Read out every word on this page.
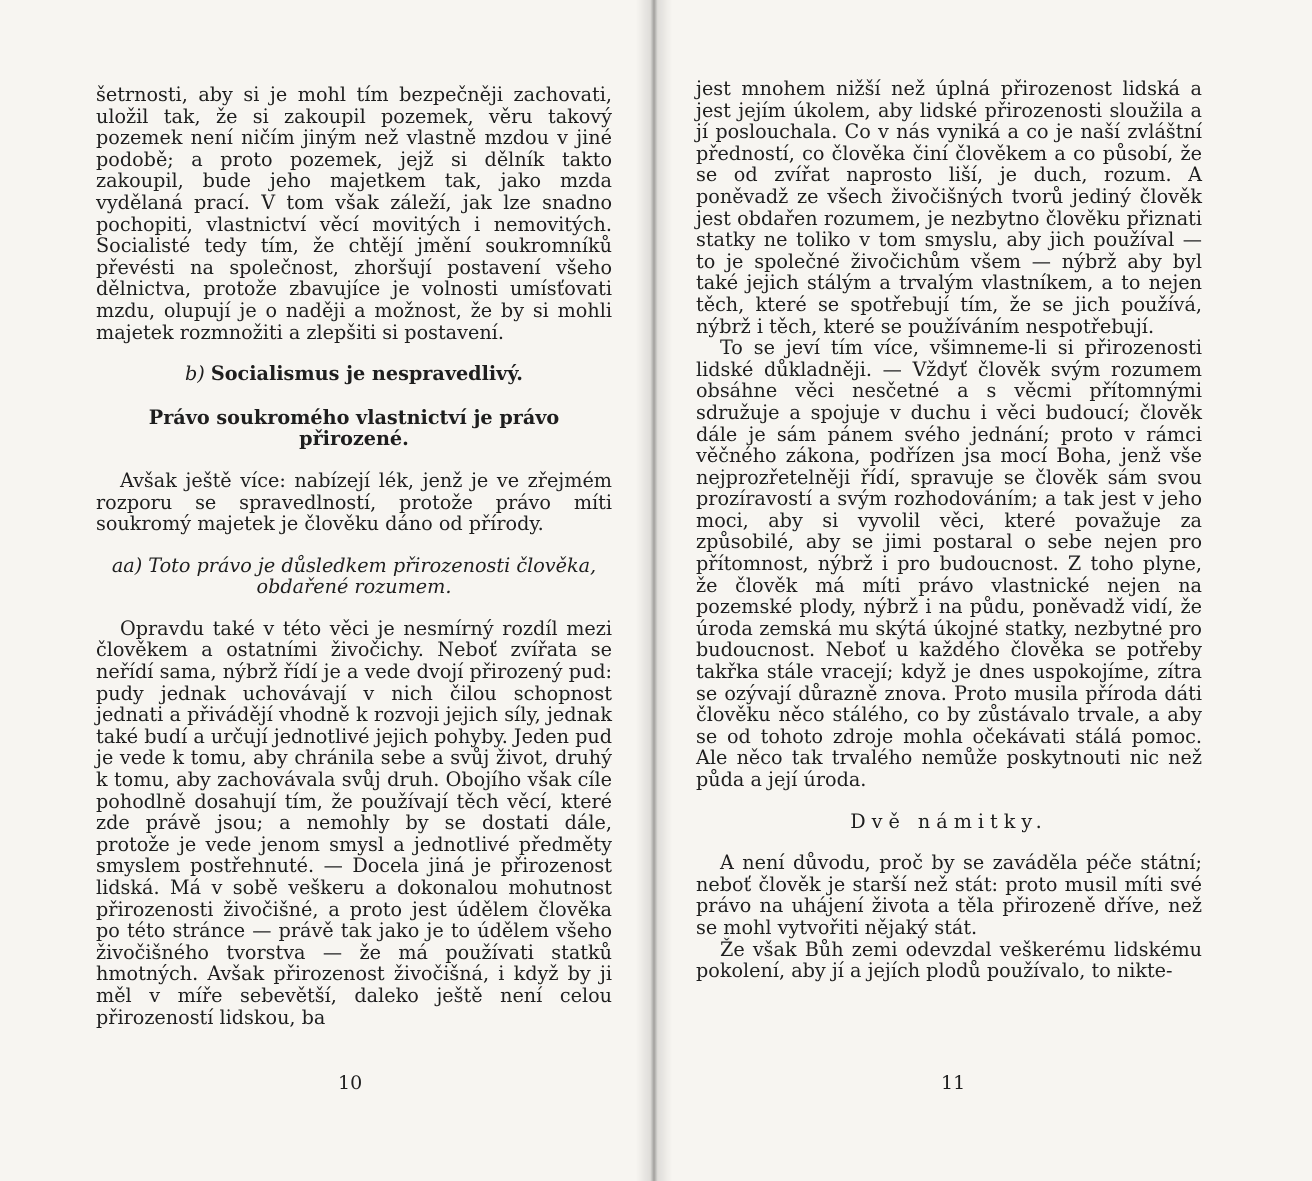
šetrnosti, aby si je mohl tím bezpečněji zachovati, uložil tak, že si zakoupil pozemek, věru takový pozemek není ničím jiným než vlastně mzdou v jiné podobě; a proto pozemek, jejž si dělník takto zakoupil, bude jeho majetkem tak, jako mzda vydělaná prací. V tom však záleží, jak lze snadno pochopiti, vlastnictví věcí movitých i nemovitých. Socialisté tedy tím, že chtějí jmění soukromníků převésti na společnost, zhoršují postavení všeho dělnictva, protože zbavujíce je volnosti umísťovati mzdu, olupují je o naději a možnost, že by si mohli majetek rozmnožiti a zlepšiti si postavení.

b) Socialismus je nespravedlivý.

Právo soukromého vlastnictví je právo přirozené.

Avšak ještě více: nabízejí lék, jenž je ve zřejmém rozporu se spravedlností, protože právo míti soukromý majetek je člověku dáno od přírody.

aa) Toto právo je důsledkem přirozenosti člověka,

obdařené rozumem.

Opravdu také v této věci je nesmírný rozdíl mezi člověkem a ostatními živočichy. Neboť zvířata se neřídí sama, nýbrž řídí je a vede dvojí přirozený pud: pudy jednak uchovávají v nich čilou schopnost jednati a přivádějí vhodně k rozvoji jejich síly, jednak také budí a určují jednotlivé jejich pohyby. Jeden pud je vede k tomu, aby chránila sebe a svůj život, druhý k tomu, aby zachovávala svůj druh. Obojího však cíle pohodlně dosahují tím, že používají těch věcí, které zde právě jsou; a nemohly by se dostati dále, protože je vede jenom smysl a jednotlivé předměty smyslem postřehnuté. — Docela jiná je přirozenost lidská. Má v sobě veškeru a dokonalou mohutnost přirozenosti živočišné, a proto jest údělem člověka po této stránce — právě tak jako je to údělem všeho živočišného tvorstva — že má používati statků hmotných. Avšak přirozenost živočišná, i když by ji měl v míře sebevětší, daleko ještě není celou přirozeností lidskou, ba

10

jest mnohem nižší než úplná přirozenost lidská a jest jejím úkolem, aby lidské přirozenosti sloužila a jí poslouchala. Co v nás vyniká a co je naší zvláštní předností, co člověka činí člověkem a co působí, že se od zvířat naprosto liší, je duch, rozum. A poněvadž ze všech živočišných tvorů jediný člověk jest obdařen rozumem, je nezbytno člověku přiznati statky ne toliko v tom smyslu, aby jich používal — to je společné živočichům všem — nýbrž aby byl také jejich stálým a trvalým vlastníkem, a to nejen těch, které se spotřebují tím, že se jich používá, nýbrž i těch, které se používáním nespotřebují.

To se jeví tím více, všimneme-li si přirozenosti lidské důkladněji. — Vždyť člověk svým rozumem obsáhne věci nesčetné a s věcmi přítomnými sdružuje a spojuje v duchu i věci budoucí; člověk dále je sám pánem svého jednání; proto v rámci věčného zákona, podřízen jsa mocí Boha, jenž vše nejprozřetelněji řídí, spravuje se člověk sám svou prozíravostí a svým rozhodováním; a tak jest v jeho moci, aby si vyvolil věci, které považuje za způsobilé, aby se jimi postaral o sebe nejen pro přítomnost, nýbrž i pro budoucnost. Z toho plyne, že člověk má míti právo vlastnické nejen na pozemské plody, nýbrž i na půdu, poněvadž vidí, že úroda zemská mu skýtá úkojné statky, nezbytné pro budoucnost. Neboť u každého člověka se potřeby takřka stále vracejí; když je dnes uspokojíme, zítra se ozývají důrazně znova. Proto musila příroda dáti člověku něco stálého, co by zůstávalo trvale, a aby se od tohoto zdroje mohla očekávati stálá pomoc. Ale něco tak trvalého nemůže poskytnouti nic než půda a její úroda.

Dvě námitky.

A není důvodu, proč by se zaváděla péče státní; neboť člověk je starší než stát: proto musil míti své právo na uhájení života a těla přirozeně dříve, než se mohl vytvořiti nějaký stát.

Že však Bůh zemi odevzdal veškerému lidskému pokolení, aby jí a jejích plodů používalo, to nikte-

11
